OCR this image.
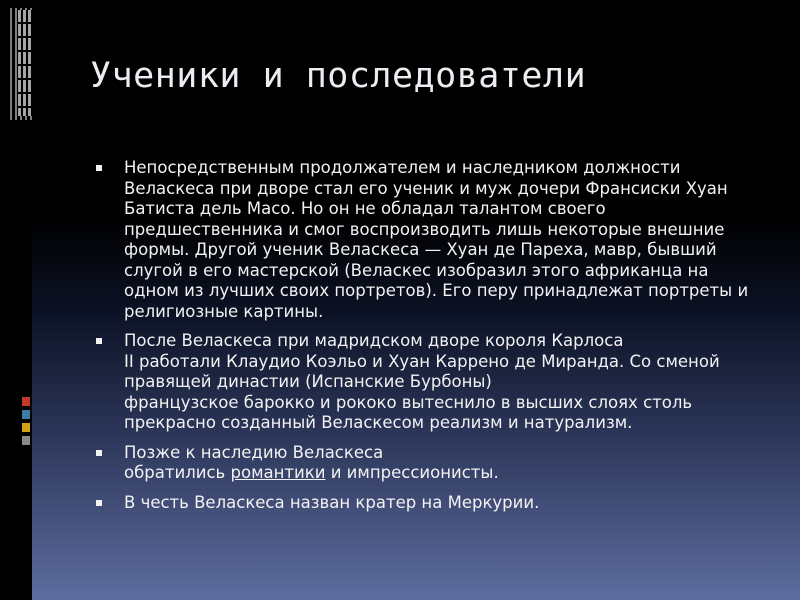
Ученики и последователи
Непосредственным продолжателем и наследником должности Веласкеса при дворе стал его ученик и муж дочери Франсиски Хуан Батиста дель Масо. Но он не обладал талантом своего предшественника и смог воспроизводить лишь некоторые внешние формы. Другой ученик Веласкеса — Хуан де Пареха, мавр, бывший слугой в его мастерской (Веласкес изобразил этого африканца на одном из лучших своих портретов). Его перу принадлежат портреты и религиозные картины.
После Веласкеса при мадридском дворе короля Карлоса
II работали Клаудио Коэльо и Хуан Каррено де Миранда. Со сменой правящей династии (Испанские Бурбоны)
французское барокко и рококо вытеснило в высших слоях столь прекрасно созданный Веласкесом реализм и натурализм.
Позже к наследию Веласкеса
обратились романтики и импрессионисты.
В честь Веласкеса назван кратер на Меркурии.
